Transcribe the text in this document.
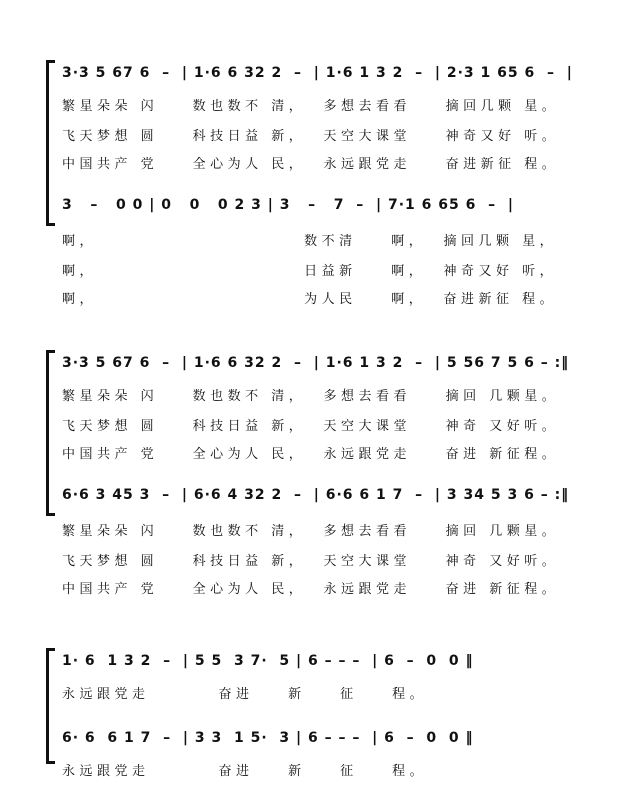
3·3 5 67 6  –  | 1·6 6 32 2  –  | 1·6 1 3 2  –  | 2·3 1 65 6  –  |
繁星朵朵 闪    数也数不 清，  多想去看看    摘回几颗 星。
飞天梦想 圆    科技日益 新，  天空大课堂    神奇又好 听。
中国共产 党    全心为人 民，  永远跟党走    奋进新征 程。
3   –   0 0 | 0   0   0 2 3 | 3   –   7  –  | 7·1 6 65 6  –  |
啊，                        数不清    啊，  摘回几颗 星，
啊，                        日益新    啊，  神奇又好 听，
啊，                        为人民    啊，  奋进新征 程。
3·3 5 67 6  –  | 1·6 6 32 2  –  | 1·6 1 3 2  –  | 5 56 7 5 6 – :‖
繁星朵朵 闪    数也数不 清，  多想去看看    摘回 几颗星。
飞天梦想 圆    科技日益 新，  天空大课堂    神奇 又好听。
中国共产 党    全心为人 民，  永远跟党走    奋进 新征程。
6·6 3 45 3  –  | 6·6 4 32 2  –  | 6·6 6 1 7  –  | 3 34 5 3 6 – :‖
繁星朵朵 闪    数也数不 清，  多想去看看    摘回 几颗星。
飞天梦想 圆    科技日益 新，  天空大课堂    神奇 又好听。
中国共产 党    全心为人 民，  永远跟党走    奋进 新征程。
1· 6  1 3 2  –  | 5 5  3 7·  5 | 6 – – –  | 6  –  0  0 ‖
永远跟党走        奋进    新    征    程。
6· 6  6 1 7  –  | 3 3  1 5·  3 | 6 – – –  | 6  –  0  0 ‖
永远跟党走        奋进    新    征    程。
